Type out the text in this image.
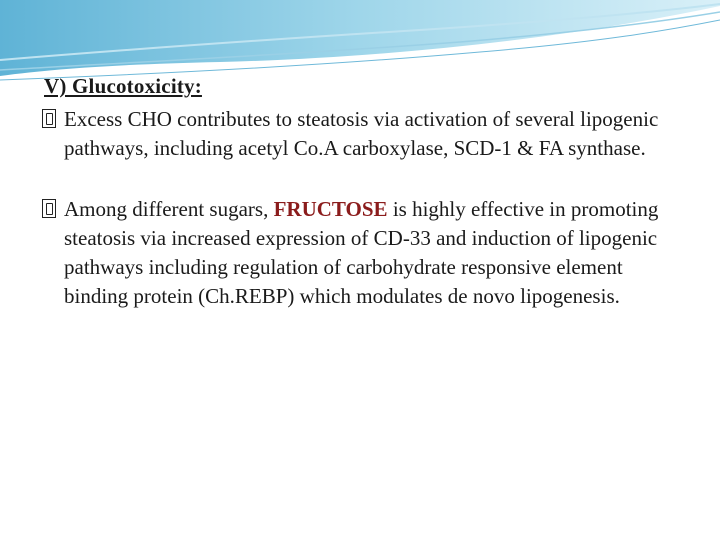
V) Glucotoxicity:

Excess CHO contributes to steatosis via activation of several lipogenic pathways, including acetyl Co.A carboxylase, SCD-1 & FA synthase.

Among different sugars, FRUCTOSE is highly effective in promoting steatosis via increased expression of CD-33 and induction of lipogenic pathways including regulation of carbohydrate responsive element binding protein (Ch.REBP) which modulates de novo lipogenesis.
